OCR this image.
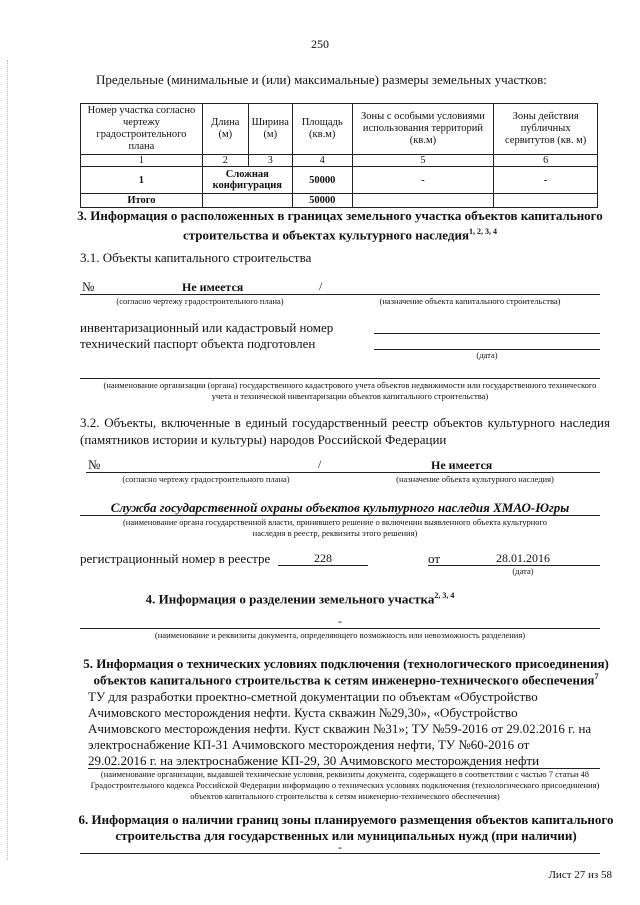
250
Предельные (минимальные и (или) максимальные) размеры земельных участков:
Номер участка согласно чертежу градостроительного плана	Длина (м)	Ширина (м)	Площадь (кв.м)	Зоны с особыми условиями использования территорий (кв.м)	Зоны действия публичных сервитутов (кв. м)
1	2	3	4	5	6
1	Сложная конфигурация		50000	-	-
Итого			50000		
3. Информация о расположенных в границах земельного участка объектов капитального строительства и объектах культурного наследия$^{1, 2, 3, 4}$
3.1. Объекты капитального строительства
№	Не имеется	/
(согласно чертежу градостроительного плана)	(назначение объекта капитального строительства)
инвентаризационный или кадастровый номер
технический паспорт объекта подготовлен
(дата)
(наименование организации (органа) государственного кадастрового учета объектов недвижимости или государственного технического учета и технической инвентаризации объектов капитального строительства)
3.2. Объекты, включенные в единый государственный реестр объектов культурного наследия (памятников истории и культуры) народов Российской Федерации
№	/	Не имеется
(согласно чертежу градостроительного плана)	(назначение объекта культурного наследия)
Служба государственной охраны объектов культурного наследия ХМАО-Югры
(наименование органа государственной власти, принявшего решение о включении выявленного объекта культурного наследия в реестр, реквизиты этого решения)
регистрационный номер в реестре	228	от	28.01.2016
(дата)
4. Информация о разделении земельного участка$^{2, 3, 4}$
-
(наименование и реквизиты документа, определяющего возможность или невозможность разделения)
5. Информация о технических условиях подключения (технологического присоединения)
объектов капитального строительства к сетям инженерно-технического обеспечения$^7$
ТУ для разработки проектно-сметной документации по объектам «Обустройство
Ачимовского месторождения нефти. Куста скважин №29,30», «Обустройство
Ачимовского месторождения нефти. Куст скважин №31»; ТУ №59-2016 от 29.02.2016 г. на
электроснабжение КП-31 Ачимовского месторождения нефти, ТУ №60-2016 от
29.02.2016 г. на электроснабжение КП-29, 30 Ачимовского месторождения нефти
(наименование организации, выдавшей технические условия, реквизиты документа, содержащего в соответствии с частью 7 статьи 48 Градостроительного кодекса Российской Федерации информацию о технических условиях подключения (технологического присоединения) объектов капитального строительства к сетям инженерно-технического обеспечения)
6. Информация о наличии границ зоны планируемого размещения объектов капитального
строительства для государственных или муниципальных нужд (при наличии)
-
Лист 27 из 58
